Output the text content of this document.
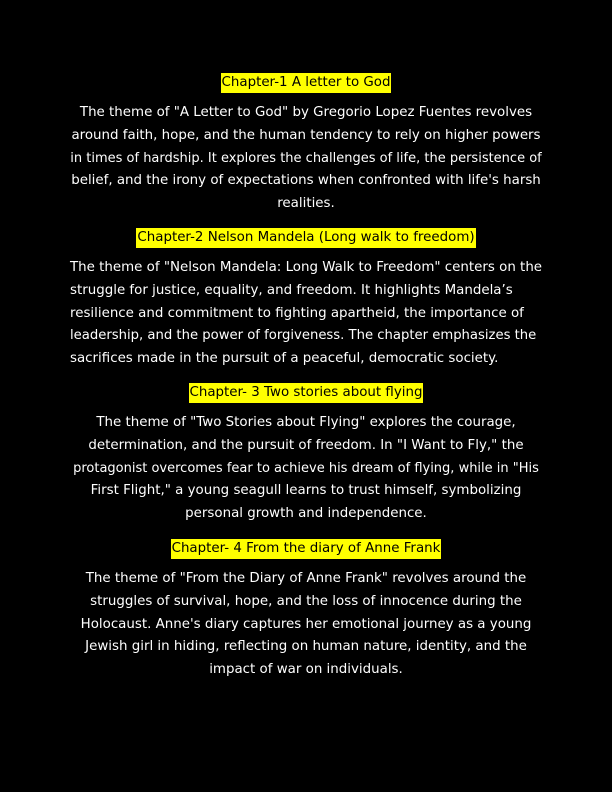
Chapter-1 A letter to God
The theme of "A Letter to God" by Gregorio Lopez Fuentes revolves
around faith, hope, and the human tendency to rely on higher powers
in times of hardship. It explores the challenges of life, the persistence of
belief, and the irony of expectations when confronted with life's harsh
realities.
Chapter-2 Nelson Mandela (Long walk to freedom)
The theme of "Nelson Mandela: Long Walk to Freedom" centers on the
struggle for justice, equality, and freedom. It highlights Mandela’s
resilience and commitment to fighting apartheid, the importance of
leadership, and the power of forgiveness. The chapter emphasizes the
sacrifices made in the pursuit of a peaceful, democratic society.
Chapter- 3 Two stories about flying
The theme of "Two Stories about Flying" explores the courage,
determination, and the pursuit of freedom. In "I Want to Fly," the
protagonist overcomes fear to achieve his dream of flying, while in "His
First Flight," a young seagull learns to trust himself, symbolizing
personal growth and independence.
Chapter- 4 From the diary of Anne Frank
The theme of "From the Diary of Anne Frank" revolves around the
struggles of survival, hope, and the loss of innocence during the
Holocaust. Anne's diary captures her emotional journey as a young
Jewish girl in hiding, reflecting on human nature, identity, and the
impact of war on individuals.
